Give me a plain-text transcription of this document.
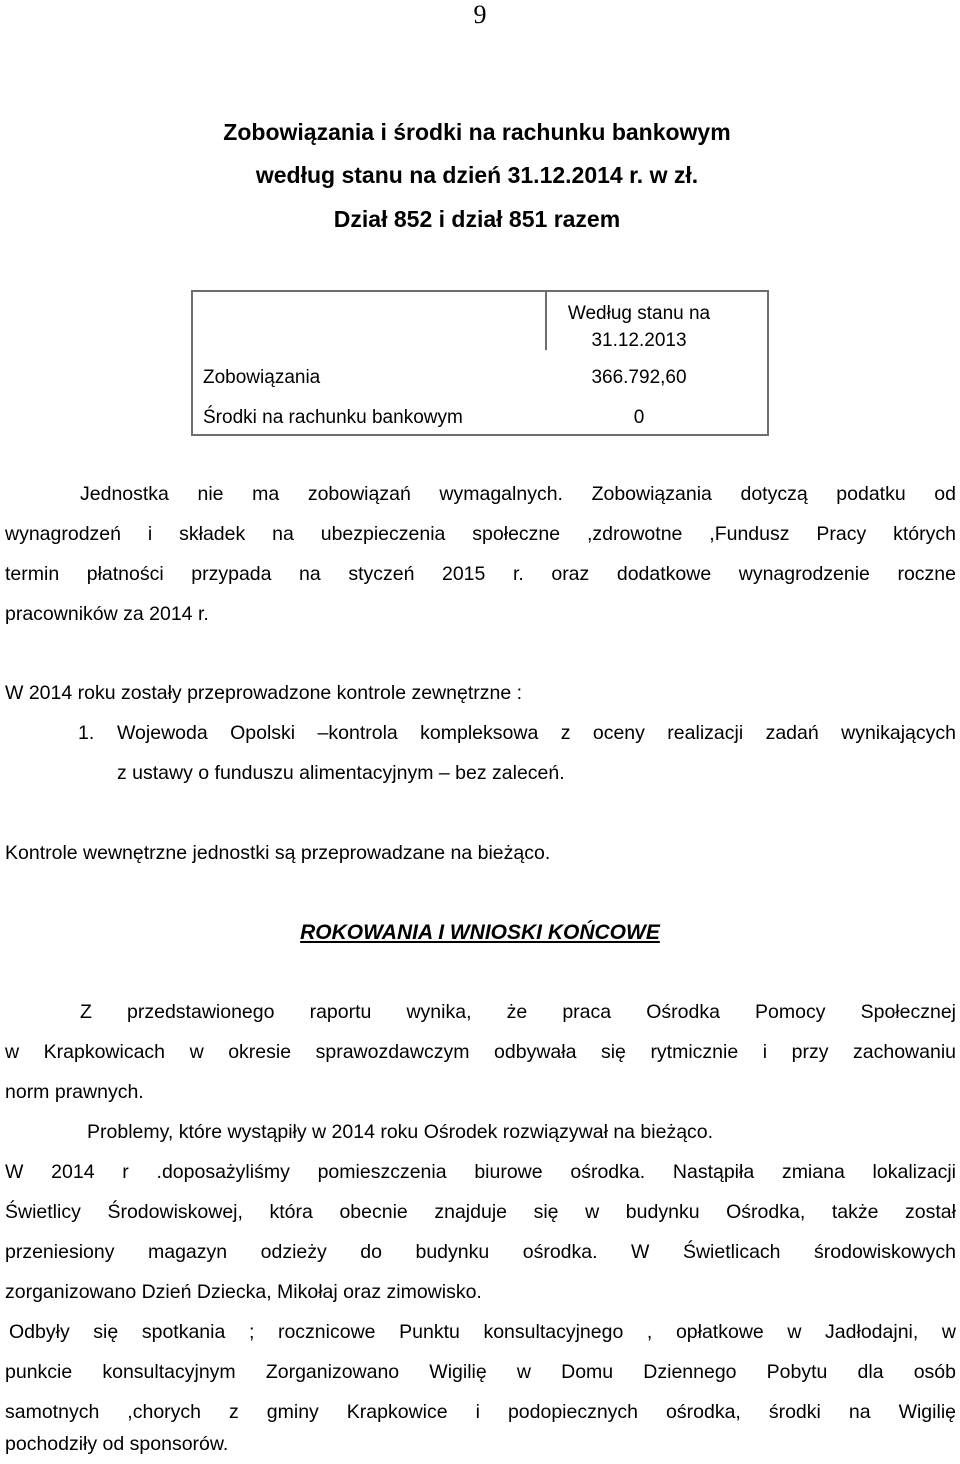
9
Zobowiązania i środki na rachunku bankowym
według stanu na dzień 31.12.2014 r. w zł.
Dział 852 i dział 851 razem
Według stanu na
31.12.2013
Zobowiązania	366.792,60
Środki na rachunku bankowym	0
Jednostka nie ma zobowiązań wymagalnych. Zobowiązania dotyczą podatku od
wynagrodzeń i składek na ubezpieczenia społeczne ,zdrowotne ,Fundusz Pracy których
termin płatności przypada na styczeń 2015 r. oraz dodatkowe wynagrodzenie roczne
pracowników za 2014 r.
W 2014 roku zostały przeprowadzone kontrole zewnętrzne :
1. Wojewoda Opolski –kontrola kompleksowa z oceny realizacji zadań wynikających
z ustawy o funduszu alimentacyjnym – bez zaleceń.
Kontrole wewnętrzne jednostki są przeprowadzane na bieżąco.
ROKOWANIA I WNIOSKI KOŃCOWE
Z przedstawionego raportu wynika, że praca Ośrodka Pomocy Społecznej
w Krapkowicach w okresie sprawozdawczym odbywała się rytmicznie i przy zachowaniu
norm prawnych.
Problemy, które wystąpiły w 2014 roku Ośrodek rozwiązywał na bieżąco.
W 2014 r .doposażyliśmy pomieszczenia biurowe ośrodka. Nastąpiła zmiana lokalizacji
Świetlicy Środowiskowej, która obecnie znajduje się w budynku Ośrodka, także został
przeniesiony magazyn odzieży do budynku ośrodka. W Świetlicach środowiskowych
zorganizowano Dzień Dziecka, Mikołaj oraz zimowisko.
Odbyły się spotkania ; rocznicowe Punktu konsultacyjnego , opłatkowe w Jadłodajni, w
punkcie konsultacyjnym Zorganizowano Wigilię w Domu Dziennego Pobytu dla osób
samotnych ,chorych z gminy Krapkowice i podopiecznych ośrodka, środki na Wigilię
pochodziły od sponsorów.
